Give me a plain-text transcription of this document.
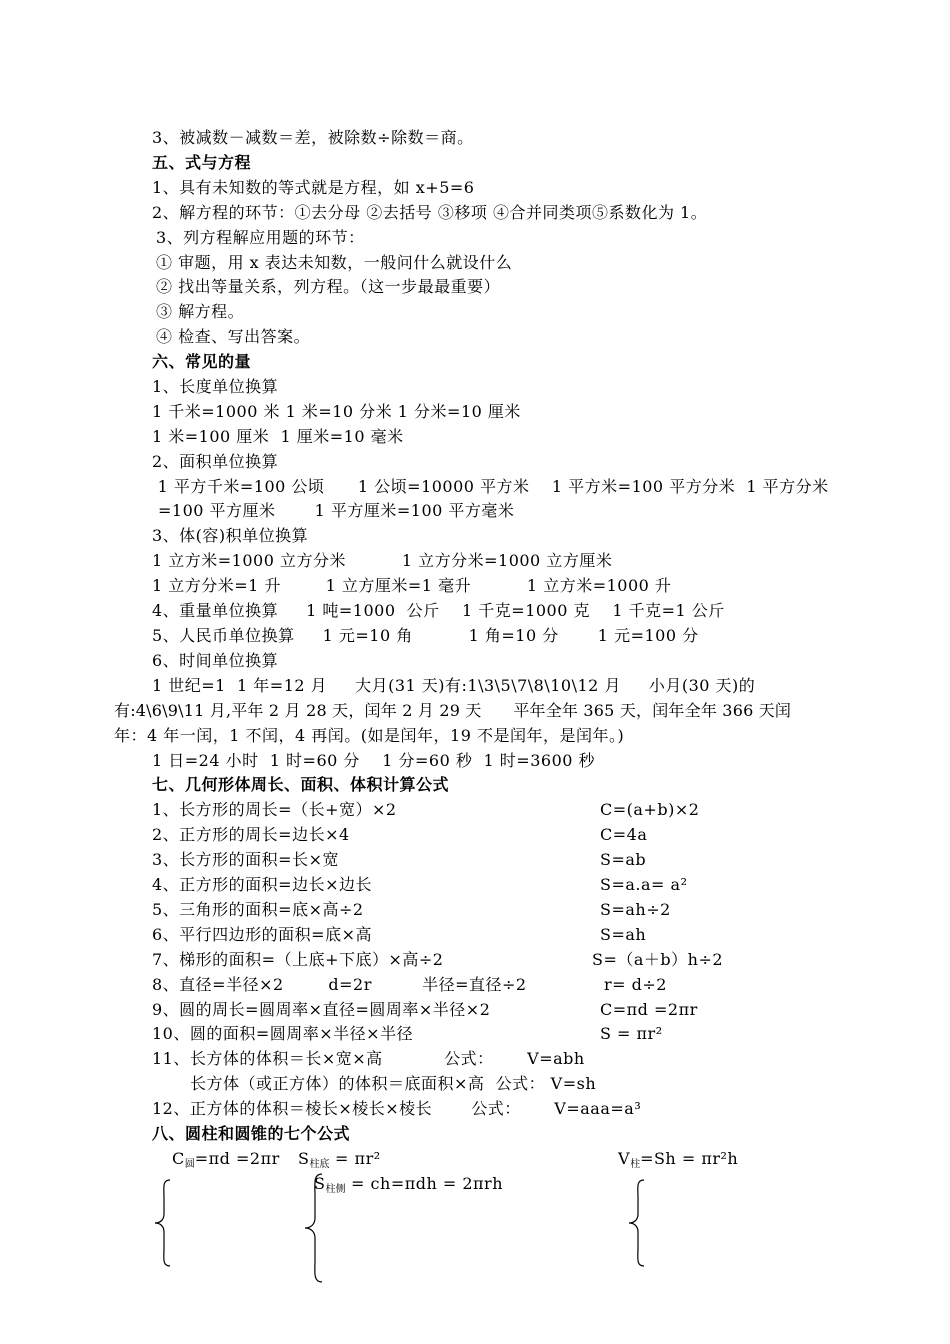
3、被减数－减数＝差，被除数÷除数＝商。
五、式与方程
1、具有未知数的等式就是方程，如 x+5=6
2、解方程的环节：①去分母 ②去括号 ③移项 ④合并同类项⑤系数化为 1。
3、列方程解应用题的环节：
① 审题，用 x 表达未知数，一般问什么就设什么
② 找出等量关系，列方程。（这一步最最重要）
③ 解方程。
④ 检查、写出答案。
六、常见的量
1、长度单位换算
1 千米=1000 米 1 米=10 分米 1 分米=10 厘米
1 米=100 厘米  1 厘米=10 毫米
2、面积单位换算
1 平方千米=100 公顷      1 公顷=10000 平方米    1 平方米=100 平方分米  1 平方分米
=100 平方厘米       1 平方厘米=100 平方毫米
3、体(容)积单位换算
1 立方米=1000 立方分米          1 立方分米=1000 立方厘米
1 立方分米=1 升        1 立方厘米=1 毫升          1 立方米=1000 升
4、重量单位换算     1 吨=1000  公斤    1 千克=1000 克    1 千克=1 公斤
5、人民币单位换算     1 元=10 角          1 角=10 分       1 元=100 分
6、时间单位换算
1 世纪=1  1 年=12 月     大月(31 天)有:1\3\5\7\8\10\12 月     小月(30 天)的
有:4\6\9\11 月,平年 2 月 28 天，闰年 2 月 29 天      平年全年 365 天，闰年全年 366 天闰
年：4 年一闰，1 不闰，4 再闰。(如是闰年，19 不是闰年，是闰年。)
1 日=24 小时  1 时=60 分    1 分=60 秒  1 时=3600 秒
七、几何形体周长、面积、体积计算公式
1、长方形的周长=（长+宽）×2	C=(a+b)×2
2、正方形的周长=边长×4	C=4a
3、长方形的面积=长×宽	S=ab
4、正方形的面积=边长×边长	S=a.a= a²
5、三角形的面积=底×高÷2	S=ah÷2
6、平行四边形的面积=底×高	S=ah
7、梯形的面积=（上底+下底）×高÷2	S=（a＋b）h÷2
8、直径=半径×2        d=2r         半径=直径÷2	r= d÷2
9、圆的周长=圆周率×直径=圆周率×半径×2	C=πd =2πr
10、圆的面积=圆周率×半径×半径	S = πr²
11、长方体的体积＝长×宽×高           公式：      V=abh
长方体（或正方体）的体积＝底面积×高  公式： V=sh
12、正方体的体积＝棱长×棱长×棱长       公式：      V=aaa=a³
八、圆柱和圆锥的七个公式
$C_圆=\pi d =2\pi r$ $S_{柱底} = \pi r^2$	$V_柱=Sh = \pi r^2h$
$S_{柱侧} = ch=\pi dh = 2\pi rh$
